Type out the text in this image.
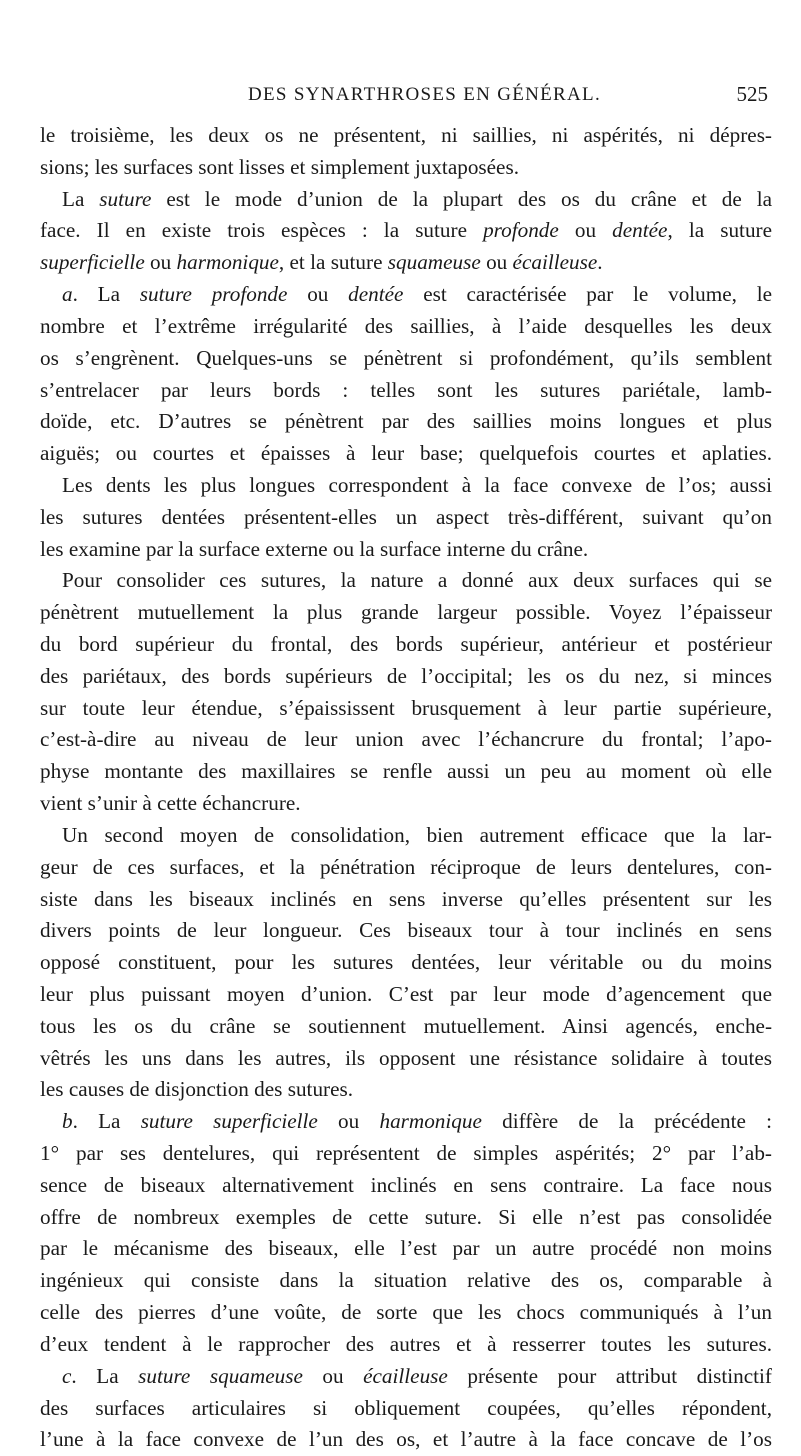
DES SYNARTHROSES EN GÉNÉRAL.	525
le troisième, les deux os ne présentent, ni saillies, ni aspérités, ni dépres-
sions; les surfaces sont lisses et simplement juxtaposées.
La suture est le mode d’union de la plupart des os du crâne et de la
face. Il en existe trois espèces : la suture profonde ou dentée, la suture
superficielle ou harmonique, et la suture squameuse ou écailleuse.
a. La suture profonde ou dentée est caractérisée par le volume, le
nombre et l’extrême irrégularité des saillies, à l’aide desquelles les deux
os s’engrènent. Quelques-uns se pénètrent si profondément, qu’ils semblent
s’entrelacer par leurs bords : telles sont les sutures pariétale, lamb-
doïde, etc. D’autres se pénètrent par des saillies moins longues et plus
aiguës; ou courtes et épaisses à leur base; quelquefois courtes et aplaties.
Les dents les plus longues correspondent à la face convexe de l’os; aussi
les sutures dentées présentent-elles un aspect très-différent, suivant qu’on
les examine par la surface externe ou la surface interne du crâne.
Pour consolider ces sutures, la nature a donné aux deux surfaces qui se
pénètrent mutuellement la plus grande largeur possible. Voyez l’épaisseur
du bord supérieur du frontal, des bords supérieur, antérieur et postérieur
des pariétaux, des bords supérieurs de l’occipital; les os du nez, si minces
sur toute leur étendue, s’épaississent brusquement à leur partie supérieure,
c’est-à-dire au niveau de leur union avec l’échancrure du frontal; l’apo-
physe montante des maxillaires se renfle aussi un peu au moment où elle
vient s’unir à cette échancrure.
Un second moyen de consolidation, bien autrement efficace que la lar-
geur de ces surfaces, et la pénétration réciproque de leurs dentelures, con-
siste dans les biseaux inclinés en sens inverse qu’elles présentent sur les
divers points de leur longueur. Ces biseaux tour à tour inclinés en sens
opposé constituent, pour les sutures dentées, leur véritable ou du moins
leur plus puissant moyen d’union. C’est par leur mode d’agencement que
tous les os du crâne se soutiennent mutuellement. Ainsi agencés, enche-
vêtrés les uns dans les autres, ils opposent une résistance solidaire à toutes
les causes de disjonction des sutures.
b. La suture superficielle ou harmonique diffère de la précédente :
1° par ses dentelures, qui représentent de simples aspérités; 2° par l’ab-
sence de biseaux alternativement inclinés en sens contraire. La face nous
offre de nombreux exemples de cette suture. Si elle n’est pas consolidée
par le mécanisme des biseaux, elle l’est par un autre procédé non moins
ingénieux qui consiste dans la situation relative des os, comparable à
celle des pierres d’une voûte, de sorte que les chocs communiqués à l’un
d’eux tendent à le rapprocher des autres et à resserrer toutes les sutures.
c. La suture squameuse ou écailleuse présente pour attribut distinctif
des surfaces articulaires si obliquement coupées, qu’elles répondent,
l’une à la face convexe de l’un des os, et l’autre à la face concave de l’os
